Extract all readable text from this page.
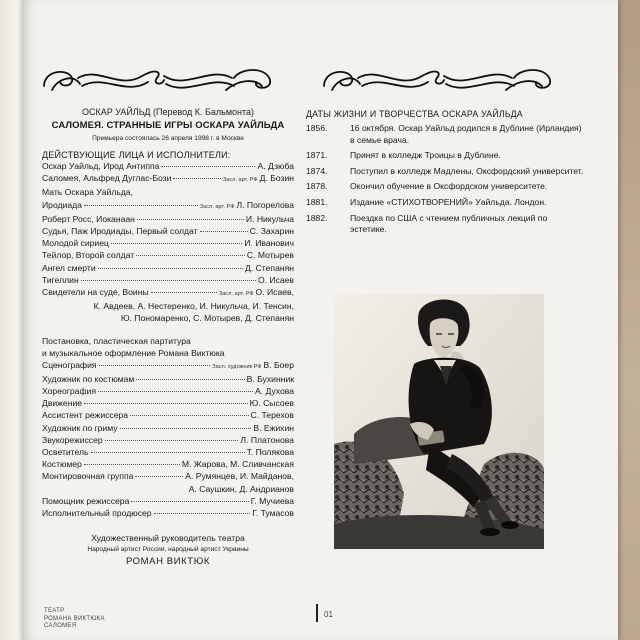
ОСКАР УАЙЛЬД (Перевод К. Бальмонта)
САЛОМЕЯ. СТРАННЫЕ ИГРЫ ОСКАРА УАЙЛЬДА
Премьера состоялась 26 апреля 1998 г. в Москве
ДЕЙСТВУЮЩИЕ ЛИЦА И ИСПОЛНИТЕЛИ:
Оскар Уайльд, Ирод Антиппа	А. Дзюба
Саломея, Альфред Дуглас-Бози	Засл. арт. РФ Д. Бозин
Мать Оскара Уайльда,
Иродиада	Засл. арт. РФ Л. Погорелова
Роберт Росс, Иоканаан	И. Никульча
Судья, Паж Иродиады, Первый солдат	С. Захарин
Молодой сириец	И. Иванович
Тейлор, Второй солдат	С. Мотырев
Ангел смерти	Д. Степанян
Тигеллин	О. Исаев
Свидетели на суде, Воины	Засл. арт. РФ О. Исаев,
К. Авдеев, А. Нестеренко, И. Никульча, И. Тенсин,
Ю. Пономаренко, С. Мотырев, Д. Степанян
Постановка, пластическая партитура
и музыкальное оформление Романа Виктюка
Сценография	Засл. художник РФ В. Боер
Художник по костюмам	В. Бухинник
Хореография	А. Духова
Движение	Ю. Сысоев
Ассистент режиссера	С. Терехов
Художник по гриму	В. Ежихин
Звукорежиссер	Л. Платонова
Осветитель	Т. Полякова
Костюмер	М. Жарова, М. Сливчанская
Монтировочная группа	А. Румянцев, И. Майданов,
А. Саушкин, Д. Андрианов
Помощник режиссера	Г. Мучиева
Исполнительный продюсер	Г. Тумасов
Художественный руководитель театра
Народный артист России, народный артист Украины
РОМАН ВИКТЮК
ДАТЫ ЖИЗНИ И ТВОРЧЕСТВА ОСКАРА УАЙЛЬДА
1856.	16 октября. Оскар Уайльд родился в Дублине (Ирландия) в семье врача.
1871.	Принят в колледж Троицы в Дублине.
1874.	Поступил в колледж Мадлены, Оксфордский университет.
1878.	Окончил обучение в Оксфордском университете.
1881.	Издание «СТИХОТВОРЕНИЙ» Уайльда. Лондон.
1882.	Поездка по США с чтением публичных лекций по эстетике.
ТЕАТР
РОМАНА ВИКТЮКА
САЛОМЕЯ
01
